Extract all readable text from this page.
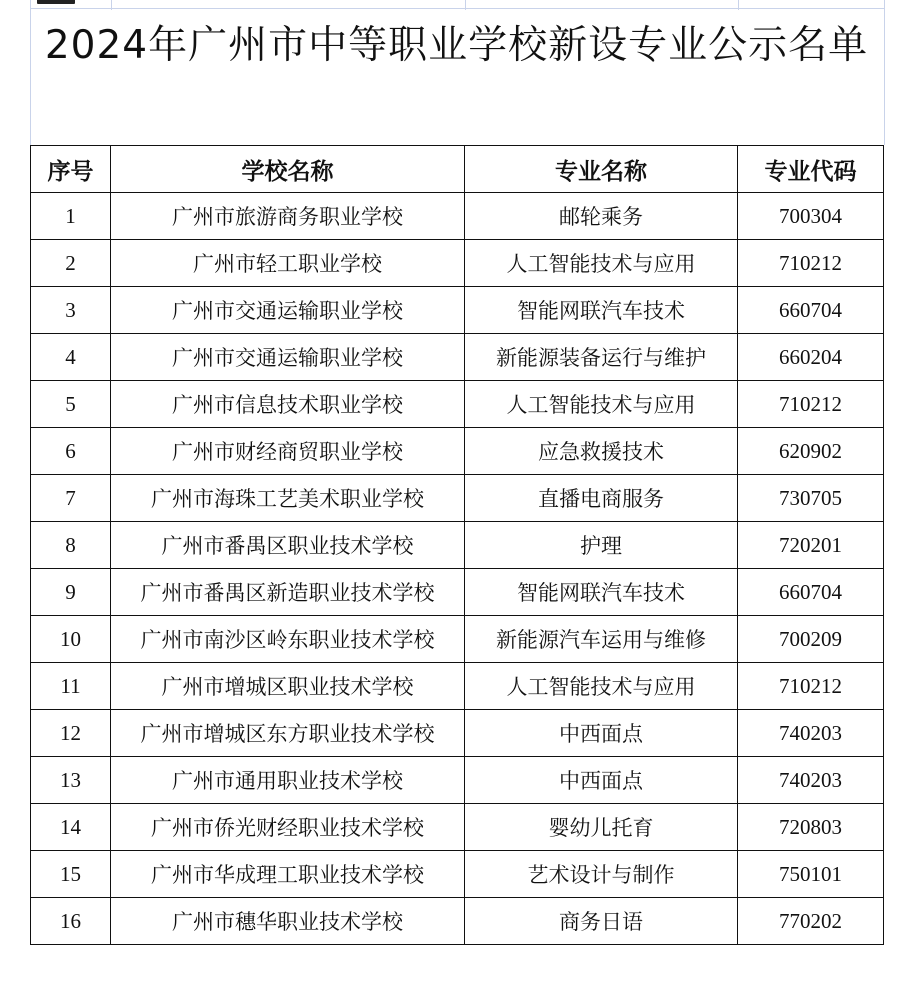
2024年广州市中等职业学校新设专业公示名单
序号	学校名称	专业名称	专业代码
1	广州市旅游商务职业学校	邮轮乘务	700304
2	广州市轻工职业学校	人工智能技术与应用	710212
3	广州市交通运输职业学校	智能网联汽车技术	660704
4	广州市交通运输职业学校	新能源装备运行与维护	660204
5	广州市信息技术职业学校	人工智能技术与应用	710212
6	广州市财经商贸职业学校	应急救援技术	620902
7	广州市海珠工艺美术职业学校	直播电商服务	730705
8	广州市番禺区职业技术学校	护理	720201
9	广州市番禺区新造职业技术学校	智能网联汽车技术	660704
10	广州市南沙区岭东职业技术学校	新能源汽车运用与维修	700209
11	广州市增城区职业技术学校	人工智能技术与应用	710212
12	广州市增城区东方职业技术学校	中西面点	740203
13	广州市通用职业技术学校	中西面点	740203
14	广州市侨光财经职业技术学校	婴幼儿托育	720803
15	广州市华成理工职业技术学校	艺术设计与制作	750101
16	广州市穗华职业技术学校	商务日语	770202
